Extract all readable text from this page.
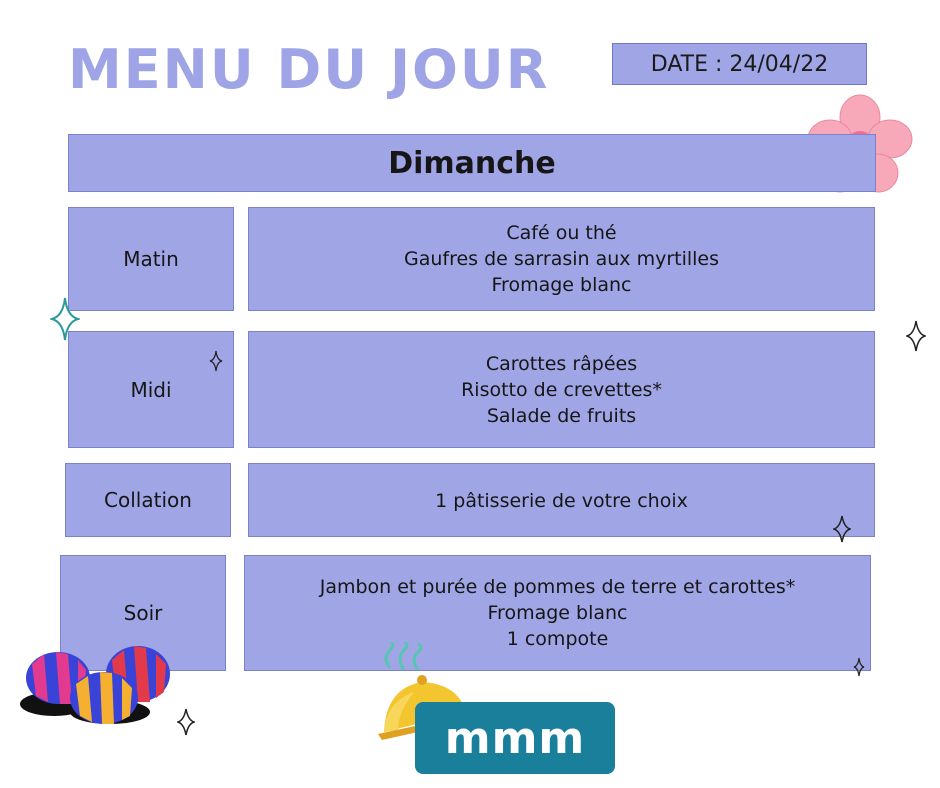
MENU DU JOUR	DATE : 24/04/22
Dimanche
Matin
Café ou thé
Gaufres de sarrasin aux myrtilles
Fromage blanc
Midi
Carottes râpées
Risotto de crevettes*
Salade de fruits
Collation	1 pâtisserie de votre choix
Soir
Jambon et purée de pommes de terre et carottes*
Fromage blanc
1 compote
mmm
